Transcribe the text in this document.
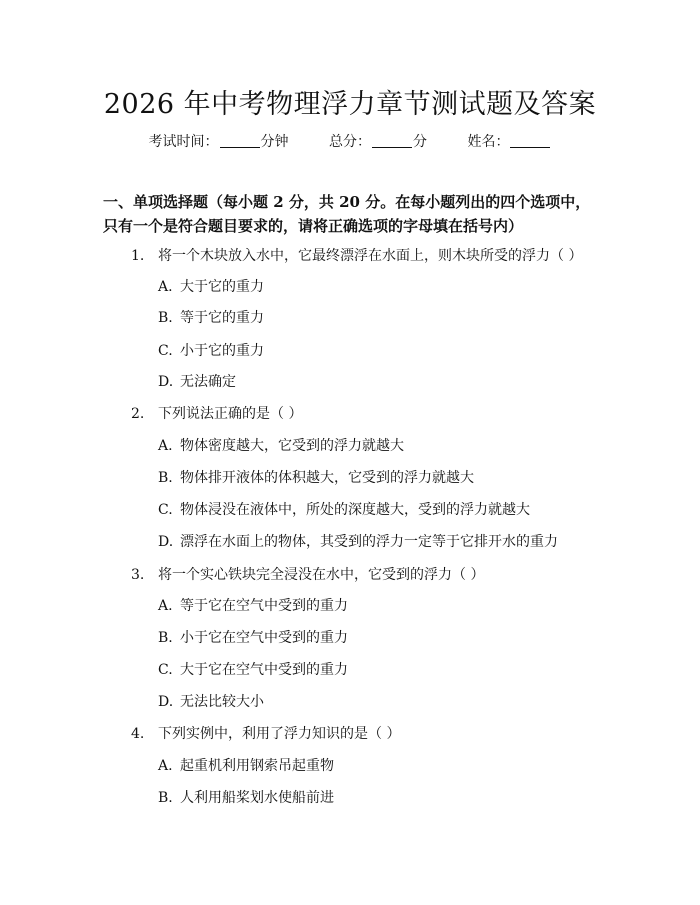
2026 年中考物理浮力章节测试题及答案
考试时间：	分钟	总分：	分	姓名：
一、单项选择题（每小题 2 分，共 20 分。在每小题列出的四个选项中，只有一个是符合题目要求的，请将正确选项的字母填在括号内）
1. 将一个木块放入水中，它最终漂浮在水面上，则木块所受的浮力（ ）
A. 大于它的重力
B. 等于它的重力
C. 小于它的重力
D. 无法确定
2. 下列说法正确的是（ ）
A. 物体密度越大，它受到的浮力就越大
B. 物体排开液体的体积越大，它受到的浮力就越大
C. 物体浸没在液体中，所处的深度越大，受到的浮力就越大
D. 漂浮在水面上的物体，其受到的浮力一定等于它排开水的重力
3. 将一个实心铁块完全浸没在水中，它受到的浮力（ ）
A. 等于它在空气中受到的重力
B. 小于它在空气中受到的重力
C. 大于它在空气中受到的重力
D. 无法比较大小
4. 下列实例中，利用了浮力知识的是（ ）
A. 起重机利用钢索吊起重物
B. 人利用船桨划水使船前进
